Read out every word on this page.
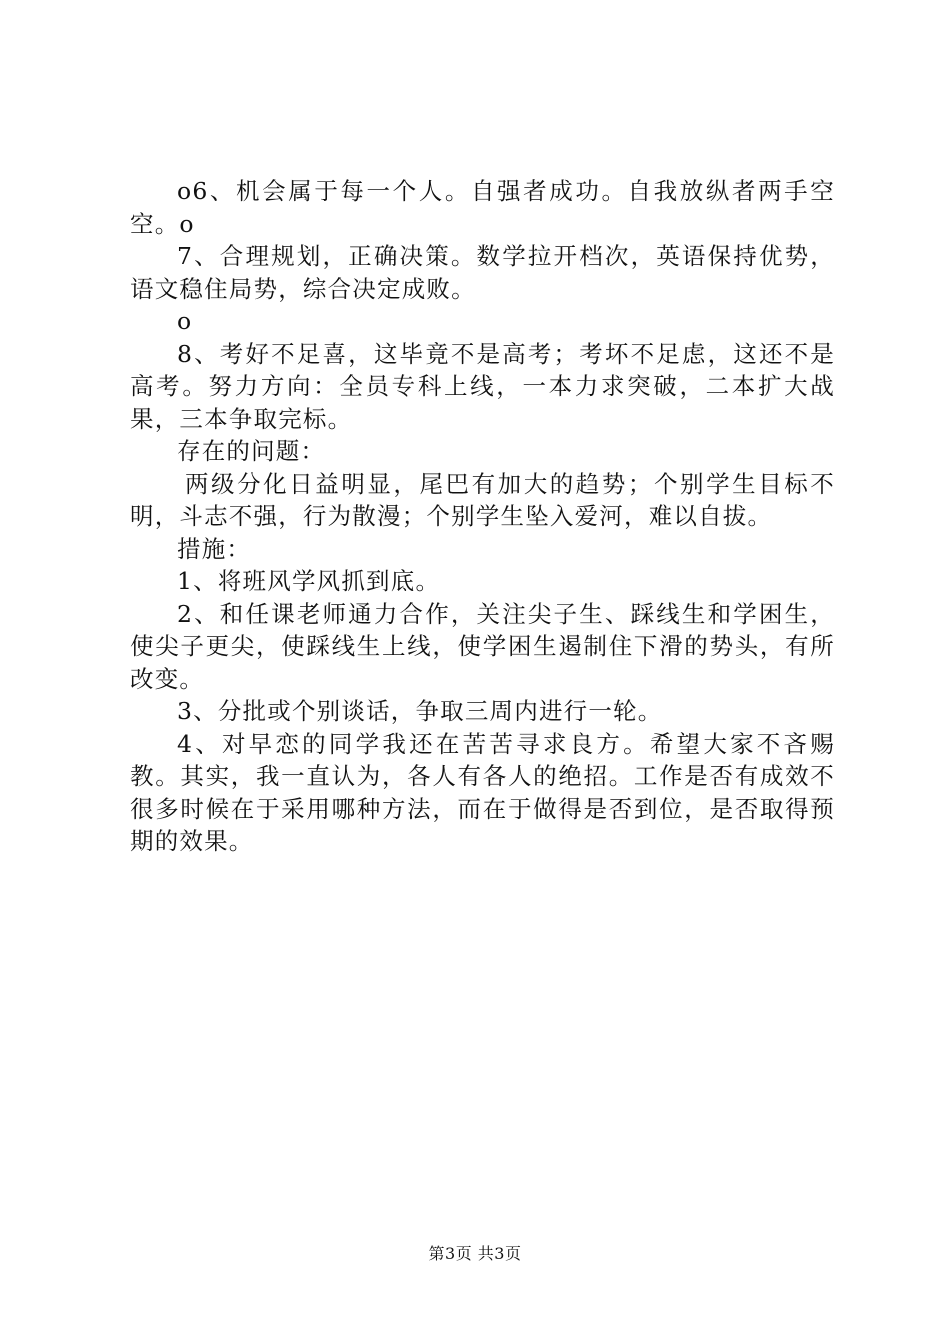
o6、机会属于每一个人。自强者成功。自我放纵者两手空空。o

7、合理规划，正确决策。数学拉开档次，英语保持优势，语文稳住局势，综合决定成败。

o

8、考好不足喜，这毕竟不是高考；考坏不足虑，这还不是高考。努力方向：全员专科上线，一本力求突破，二本扩大战果，三本争取完标。

存在的问题：

两级分化日益明显，尾巴有加大的趋势；个别学生目标不明，斗志不强，行为散漫；个别学生坠入爱河，难以自拔。

措施：

1、将班风学风抓到底。

2、和任课老师通力合作，关注尖子生、踩线生和学困生，使尖子更尖，使踩线生上线，使学困生遏制住下滑的势头，有所改变。

3、分批或个别谈话，争取三周内进行一轮。

4、对早恋的同学我还在苦苦寻求良方。希望大家不吝赐教。其实，我一直认为，各人有各人的绝招。工作是否有成效不很多时候在于采用哪种方法，而在于做得是否到位，是否取得预期的效果。

第3页 共3页
